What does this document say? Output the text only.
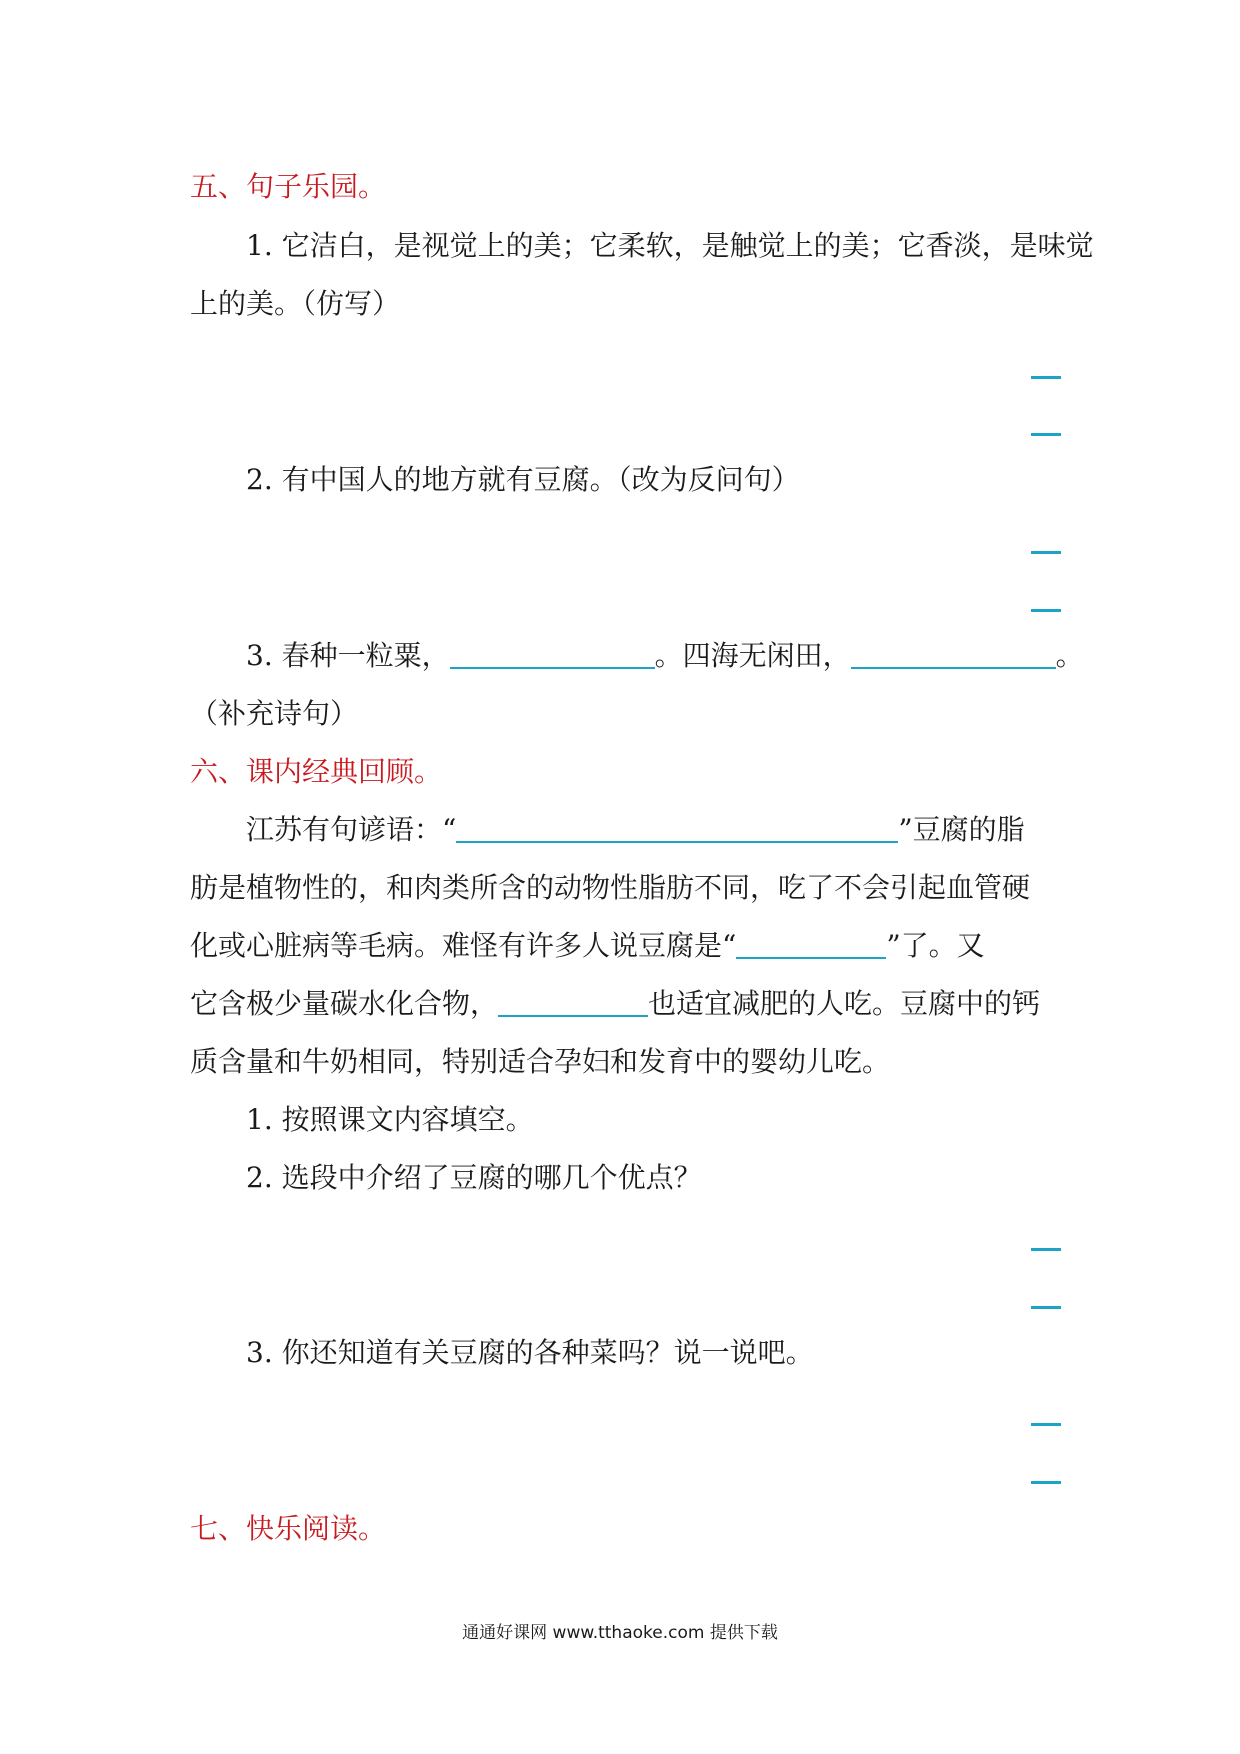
五、句子乐园。
1. 它洁白，是视觉上的美；它柔软，是触觉上的美；它香淡，是味觉
上的美。（仿写）
2. 有中国人的地方就有豆腐。（改为反问句）
3. 春种一粒粟，	。四海无闲田，	。
（补充诗句）
六、课内经典回顾。
江苏有句谚语：“	”豆腐的脂
肪是植物性的，和肉类所含的动物性脂肪不同，吃了不会引起血管硬
化或心脏病等毛病。难怪有许多人说豆腐是“	”了。又
它含极少量碳水化合物，	也适宜减肥的人吃。豆腐中的钙
质含量和牛奶相同，特别适合孕妇和发育中的婴幼儿吃。
1. 按照课文内容填空。
2. 选段中介绍了豆腐的哪几个优点？
3. 你还知道有关豆腐的各种菜吗？说一说吧。
七、快乐阅读。
通通好课网 www.tthaoke.com 提供下载
